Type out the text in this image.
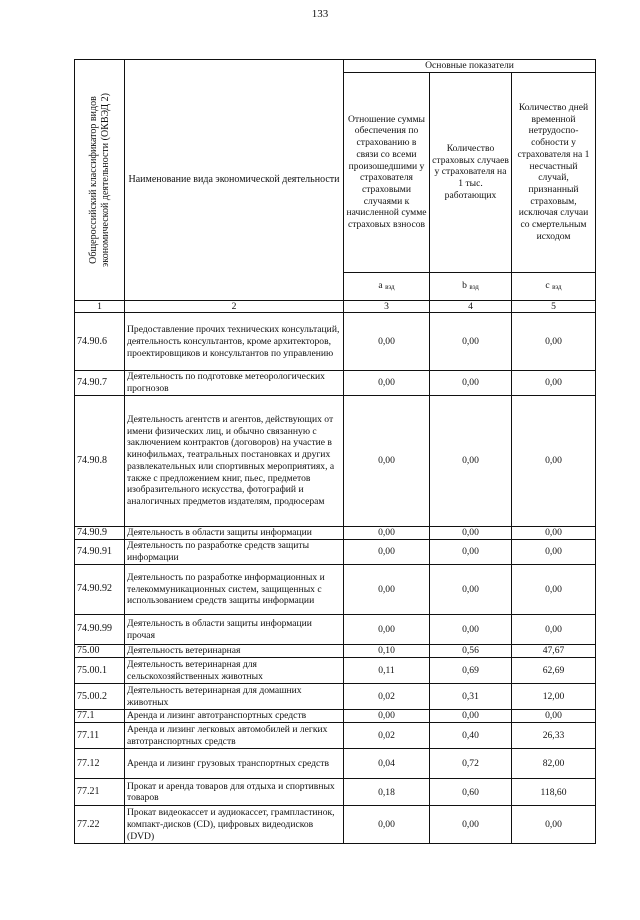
133
Общероссийский классификатор видов экономической деятельности (ОКВЭД 2)	Наименование вида экономической деятельности	Основные показатели		
		Отношение суммы обеспечения по страхованию в связи со всеми произошедшими у страхователя страховыми случаями к начисленной сумме страховых взносов	Количество страховых случаев у страхователя на 1 тыс. работающих	Количество дней временной нетрудоспо-собности у страхователя на 1 несчастный случай, признанный страховым, исключая случаи со смертельным исходом
		a вэд	b вэд	c вэд
1	2	3	4	5
74.90.6	Предоставление прочих технических консультаций, деятельность консультантов, кроме архитекторов, проектировщиков и консультантов по управлению	0,00	0,00	0,00
74.90.7	Деятельность по подготовке метеорологических прогнозов	0,00	0,00	0,00
74.90.8	Деятельность агентств и агентов, действующих от имени физических лиц, и обычно связанную с заключением контрактов (договоров) на участие в кинофильмах, театральных постановках и других развлекательных или спортивных мероприятиях, а также с предложением книг, пьес, предметов изобразительного искусства, фотографий и аналогичных предметов издателям, продюсерам	0,00	0,00	0,00
74.90.9	Деятельность в области защиты информации	0,00	0,00	0,00
74.90.91	Деятельность по разработке средств защиты информации	0,00	0,00	0,00
74.90.92	Деятельность по разработке информационных и телекоммуникационных систем, защищенных с использованием средств защиты информации	0,00	0,00	0,00
74.90.99	Деятельность в области защиты информации прочая	0,00	0,00	0,00
75.00	Деятельность ветеринарная	0,10	0,56	47,67
75.00.1	Деятельность ветеринарная для сельскохозяйственных животных	0,11	0,69	62,69
75.00.2	Деятельность ветеринарная для домашних животных	0,02	0,31	12,00
77.1	Аренда и лизинг автотранспортных средств	0,00	0,00	0,00
77.11	Аренда и лизинг легковых автомобилей и легких автотранспортных средств	0,02	0,40	26,33
77.12	Аренда и лизинг грузовых транспортных средств	0,04	0,72	82,00
77.21	Прокат и аренда товаров для отдыха и спортивных товаров	0,18	0,60	118,60
77.22	Прокат видеокассет и аудиокассет, грампластинок, компакт-дисков (CD), цифровых видеодисков (DVD)	0,00	0,00	0,00
